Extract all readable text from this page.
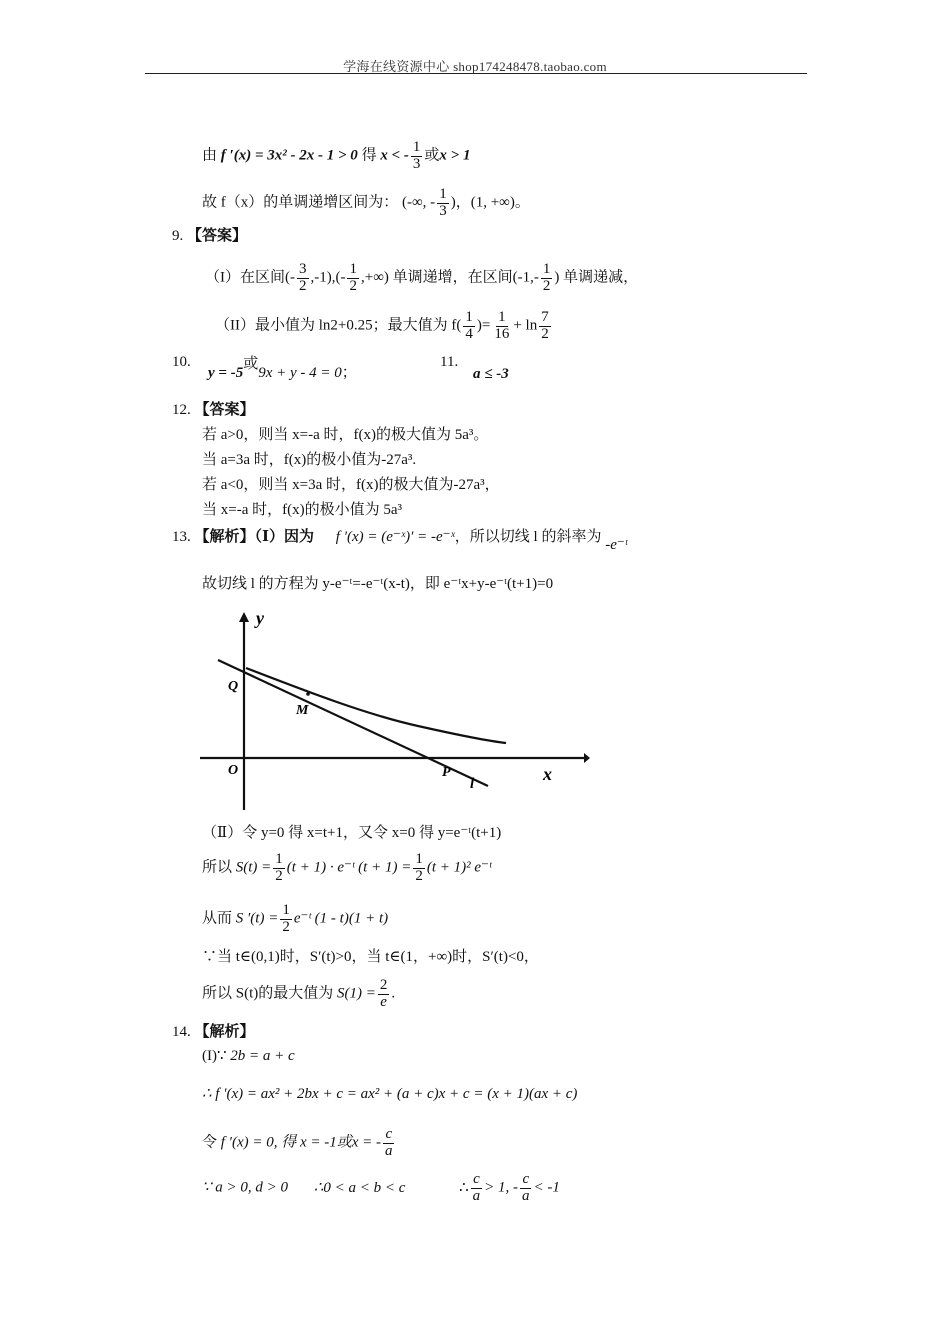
学海在线资源中心 shop174248478.taobao.com
由 f ′(x) = 3x² - 2x - 1 > 0 得 x < - $\frac{1}{3}$ 或x > 1
故 f（x）的单调递增区间为： (-∞, - $\frac{1}{3}$ )，(1, +∞)。
9. 【答案】
（I）在区间(- $\frac{3}{2} ,-1),(- \frac{1}{2}$ ,+∞) 单调递增，在区间($-1,- \frac{1}{2}$ ) 单调递减，
（II）最小值为 ln2+0.25；最大值为 $f( \frac{1}{4}$ )= $\frac{1}{16} + \ln \frac{7}{2}$
10.
y = -5或9x + y - 4 = 0；
11.
a ≤ -3
12. 【答案】
若 a>0，则当 x=-a 时，f(x)的极大值为 5a³。
当 a=3a 时，f(x)的极小值为-27a³.
若 a<0，则当 x=3a 时，f(x)的极大值为-27a³，
当 x=-a 时，f(x)的极小值为 5a³
13. 【解析】（Ⅰ）因为 f ′(x) = (e⁻ˣ)′ = -e⁻ˣ，所以切线 l 的斜率为 -e⁻ᵗ
故切线 l 的方程为 y-e⁻ᵗ=-e⁻ᵗ(x-t)，即 e⁻ᵗx+y-e⁻ᵗ(t+1)=0
y
x
O
Q
M
P
l
（Ⅱ）令 y=0 得 x=t+1，又令 x=0 得 y=e⁻ᵗ(t+1)
所以 $S(t) = \frac{1}{2} (t + 1)$ · e⁻ᵗ $(t + 1) = \frac{1}{2} (t + 1)^2$ e⁻ᵗ
从而 S $'(t) = \frac{1}{2}$ e⁻ᵗ (1 - t)(1 + t)
∵当 t∈(0,1)时，S′(t)>0，当 t∈(1，+∞)时，S′(t)<0，
所以 S(t)的最大值为 $S(1) = \frac{2}{e}$ .
14. 【解析】
(I)∵ 2b = a + c
∴ f ′(x) = ax² + 2bx + c = ax² + (a + c)x + c = (x + 1)(ax + c)
令 f ′(x) = 0, 得 x = -1或x = - $\frac{c}{a}$
∵ a > 0, d > 0 ∴0 < a < b < c	∴ $\frac{c}{a} > 1$, - $\frac{c}{a} < -1$
